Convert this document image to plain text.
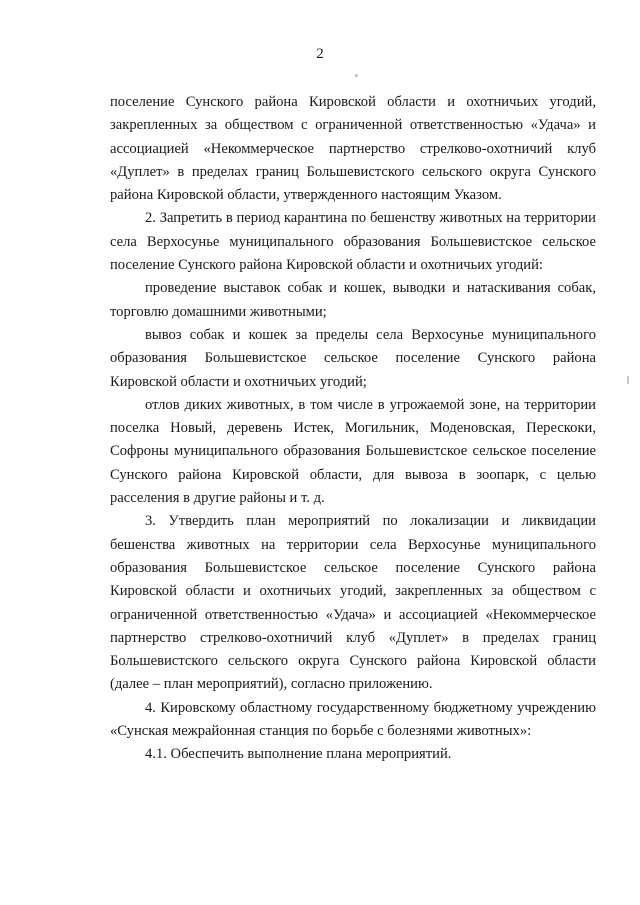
2

поселение Сунского района Кировской области и охотничьих угодий, закрепленных за обществом с ограниченной ответственностью «Удача» и ассоциацией «Некоммерческое партнерство стрелково-охотничий клуб «Дуплет» в пределах границ Большевистского сельского округа Сунского района Кировской области, утвержденного настоящим Указом.

2. Запретить в период карантина по бешенству животных на территории села Верхосунье муниципального образования Большевистское сельское поселение Сунского района Кировской области и охотничьих угодий:

проведение выставок собак и кошек, выводки и натаскивания собак, торговлю домашними животными;

вывоз собак и кошек за пределы села Верхосунье муниципального образования Большевистское сельское поселение Сунского района Кировской области и охотничьих угодий;

отлов диких животных, в том числе в угрожаемой зоне, на территории поселка Новый, деревень Истек, Могильник, Моденовская, Перескоки, Софроны муниципального образования Большевистское сельское поселение Сунского района Кировской области, для вывоза в зоопарк, с целью расселения в другие районы и т. д.

3. Утвердить план мероприятий по локализации и ликвидации бешенства животных на территории села Верхосунье муниципального образования Большевистское сельское поселение Сунского района Кировской области и охотничьих угодий, закрепленных за обществом с ограниченной ответственностью «Удача» и ассоциацией «Некоммерческое партнерство стрелково-охотничий клуб «Дуплет» в пределах границ Большевистского сельского округа Сунского района Кировской области (далее – план мероприятий), согласно приложению.

4. Кировскому областному государственному бюджетному учреждению «Сунская межрайонная станция по борьбе с болезнями животных»:

4.1. Обеспечить выполнение плана мероприятий.
